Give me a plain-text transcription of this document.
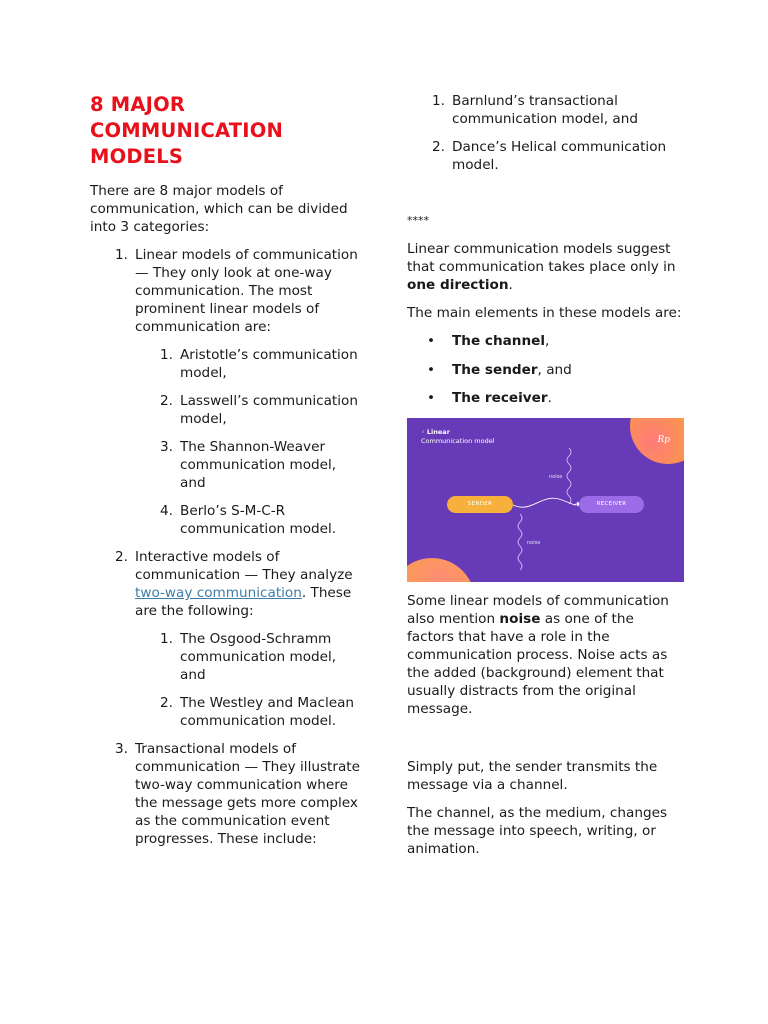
8 MAJOR COMMUNICATION MODELS

There are 8 major models of communication, which can be divided into 3 categories:

1. Linear models of communication — They only look at one-way communication. The most prominent linear models of communication are:
1. Aristotle’s communication model,
2. Lasswell’s communication model,
3. The Shannon-Weaver communication model, and
4. Berlo’s S-M-C-R communication model.
2. Interactive models of communication — They analyze two-way communication. These are the following:
1. The Osgood-Schramm communication model, and
2. The Westley and Maclean communication model.
3. Transactional models of communication — They illustrate two-way communication where the message gets more complex as the communication event progresses. These include:
1. Barnlund’s transactional communication model, and
2. Dance’s Helical communication model.

****

Linear communication models suggest that communication takes place only in one direction.

The main elements in these models are:

• The channel,
• The sender, and
• The receiver.
◦ Linear
Communication model	Rp
noise
noise
SENDER	RECEIVER

Some linear models of communication also mention noise as one of the factors that have a role in the communication process. Noise acts as the added (background) element that usually distracts from the original message.

Simply put, the sender transmits the message via a channel.

The channel, as the medium, changes the message into speech, writing, or animation.
